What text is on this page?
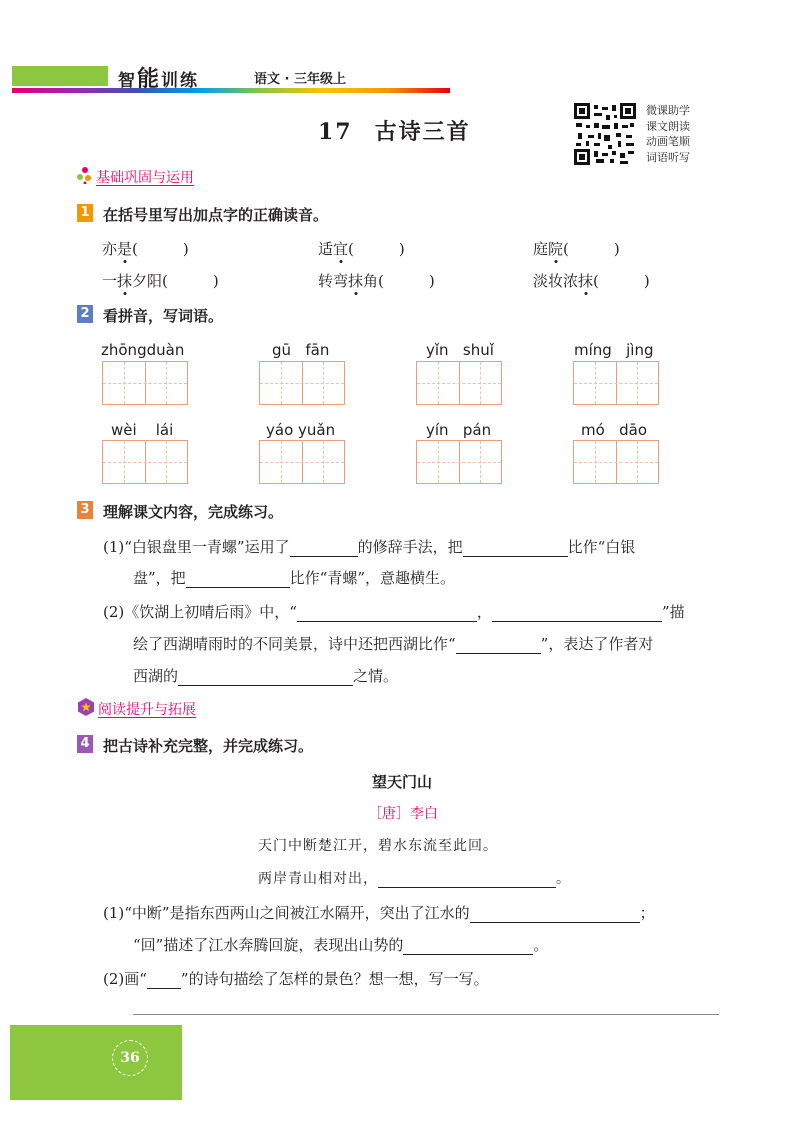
智能训练	语文 · 三年级上
17 古诗三首
微课助学
课文朗读
动画笔顺
词语听写
基础巩固与运用
1 在括号里写出加点字的正确读音。
亦是(　　　)	适宜(　　　)	庭院(　　　)
一抹夕阳(　　　)	转弯抹角(　　　)	淡妆浓抹(　　　)
2 看拼音，写词语。
zhōngduàn	gū fān	yǐn shuǐ	míng jìng
wèi lái	yáo yuǎn	yín pán	mó dāo
3 理解课文内容，完成练习。
(1)“白银盘里一青螺”运用了	的修辞手法，把	比作“白银
盘”，把	比作“青螺”，意趣横生。
(2)《饮湖上初晴后雨》中，“	，	”描
绘了西湖晴雨时的不同美景，诗中还把西湖比作“	”，表达了作者对
西湖的	之情。
阅读提升与拓展
4 把古诗补充完整，并完成练习。
望天门山
［唐］李白
天门中断楚江开，碧水东流至此回。
两岸青山相对出，	。
(1)“中断”是指东西两山之间被江水隔开，突出了江水的	；
“回”描述了江水奔腾回旋，表现出山势的	。
(2)画“ ”的诗句描绘了怎样的景色？想一想，写一写。
36
